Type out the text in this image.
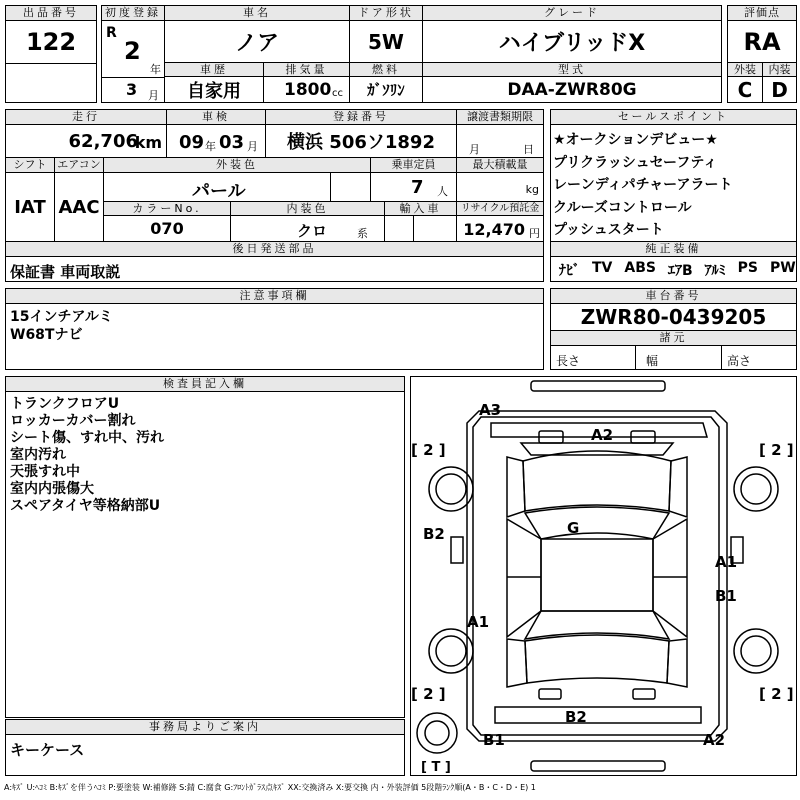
出品番号
122
初度登録
R
2
年
3 月
車名
ノア
ドア形状
5W
グレード
ハイブリッドX
車歴
自家用
排気量
1800 cc
燃料
ｶﾞｿﾘﾝ
型式
DAA-ZWR80G
評価点
RA
外装	内装
C D
走行
62,706
km
車検
09 年 03 月
登録番号
横浜 506ソ1892
譲渡書類期限
月	日
シフト
IAT
エアコン
AAC
外装色
パール
乗車定員
7 人
最大積載量
kg
カラーNo.
070
内装色
クロ	系
輸入車	リサイクル預託金
12,470 円
後日発送部品
保証書 車両取説
セールスポイント
★オークションデビュー★
プリクラッシュセーフティ
レーンディパチャーアラート
クルーズコントロール
プッシュスタート
純正装備
ﾅﾋﾞ TV ABS ｴｱB ｱﾙﾐ PS PW
注意事項欄
15インチアルミ
W68Tナビ
車台番号
ZWR80-0439205
諸元
長さ	幅	高さ
検査員記入欄
トランクフロアU
ロッカーカバー割れ
シート傷、すれ中、汚れ
室内汚れ
天張すれ中
室内内張傷大
スペアタイヤ等格納部U
事務局よりご案内
キーケース
A3
A2
B2	G
A1
B1
A1
B2
B1	A2
[ 2 ]	[ 2 ]
[ 2 ]	[ 2 ]
[ T ]
A:ｷｽﾞ U:ﾍｺﾐ B:ｷｽﾞを伴うﾍｺﾐ P:要塗装 W:補修跡 S:錆 C:腐食 G:ﾌﾛﾝﾄｶﾞﾗｽ点ｷｽﾞ XX:交換済み X:要交換 内・外装評価 5段階ﾗﾝｸ順(A・B・C・D・E) 1
